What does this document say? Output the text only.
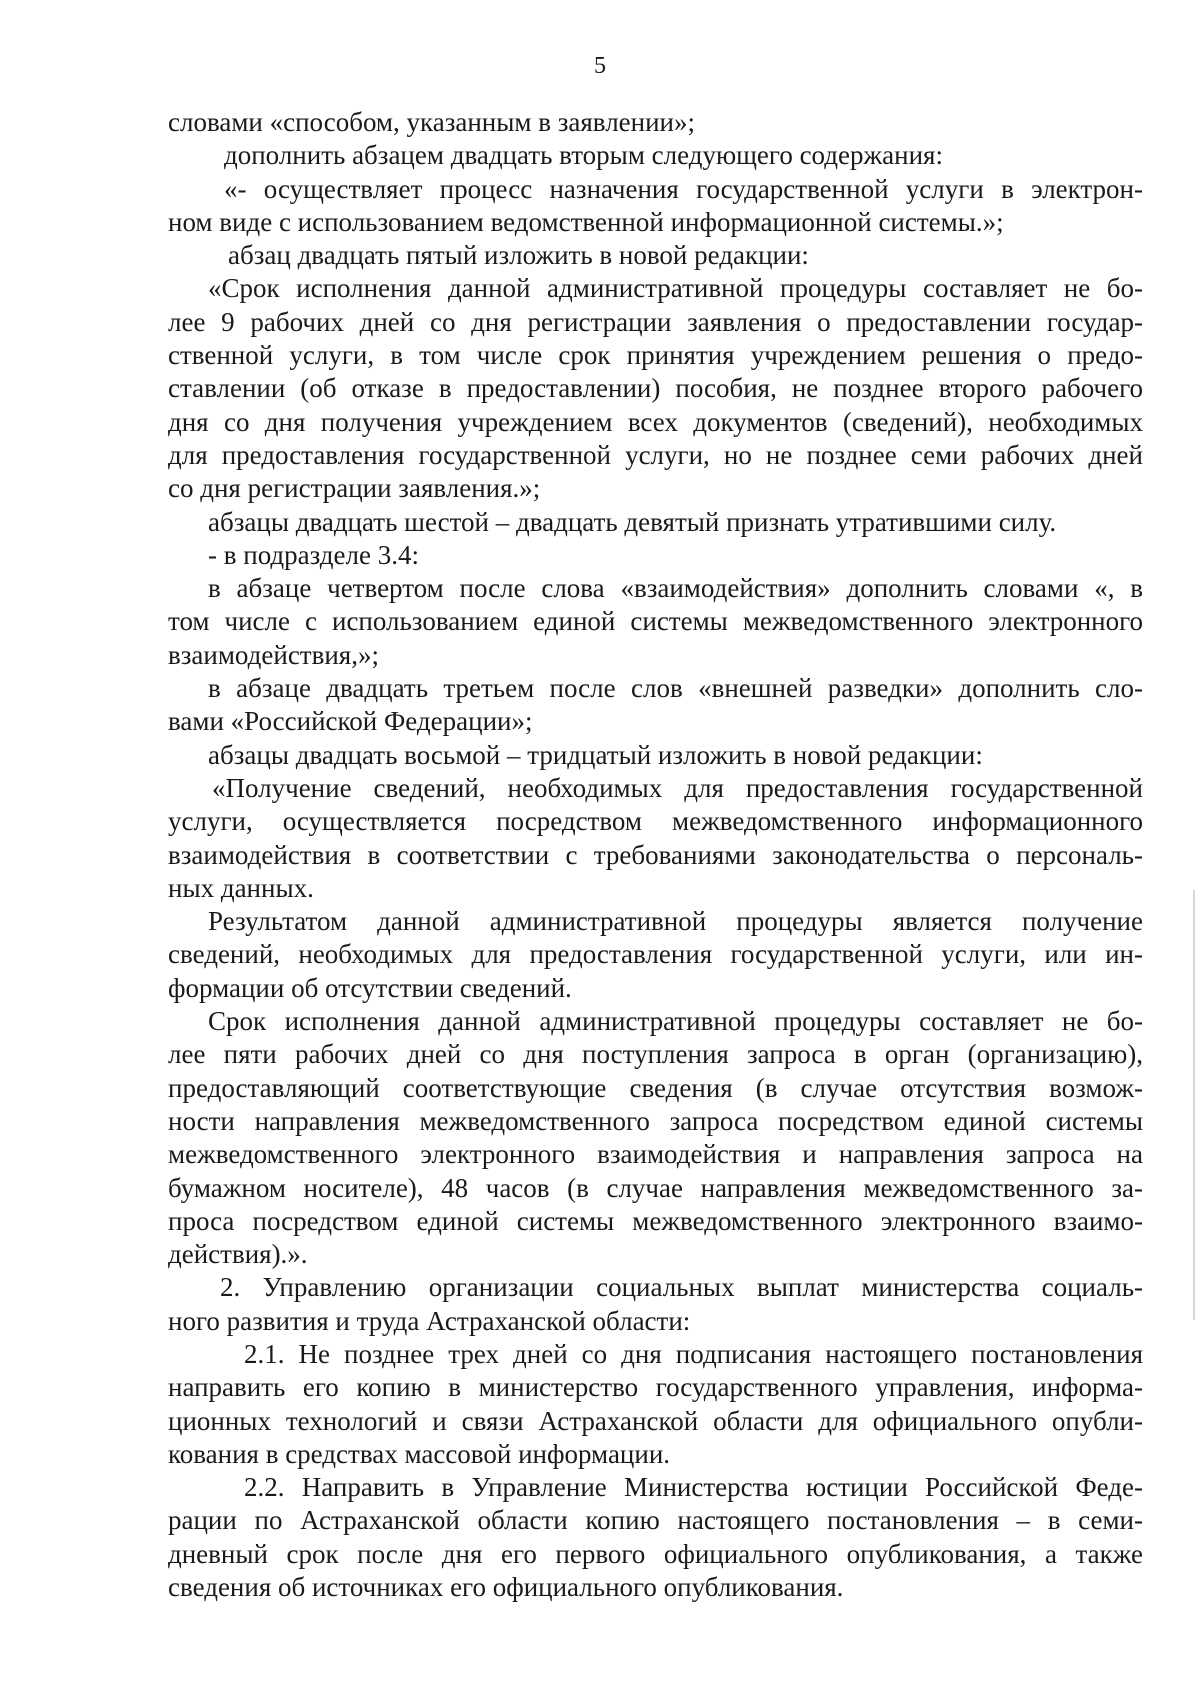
5
словами «способом, указанным в заявлении»;
дополнить абзацем двадцать вторым следующего содержания:
«- осуществляет процесс назначения государственной услуги в электрон-
ном виде с использованием ведомственной информационной системы.»;
абзац двадцать пятый изложить в новой редакции:
«Срок исполнения данной административной процедуры составляет не бо-
лее 9 рабочих дней со дня регистрации заявления о предоставлении государ-
ственной услуги, в том числе срок принятия учреждением решения о предо-
ставлении (об отказе в предоставлении) пособия, не позднее второго рабочего
дня со дня получения учреждением всех документов (сведений), необходимых
для предоставления государственной услуги, но не позднее семи рабочих дней
со дня регистрации заявления.»;
абзацы двадцать шестой – двадцать девятый признать утратившими силу.
- в подразделе 3.4:
в абзаце четвертом после слова «взаимодействия» дополнить словами «, в
том числе с использованием единой системы межведомственного электронного
взаимодействия,»;
в абзаце двадцать третьем после слов «внешней разведки» дополнить сло-
вами «Российской Федерации»;
абзацы двадцать восьмой – тридцатый изложить в новой редакции:
«Получение сведений, необходимых для предоставления государственной
услуги, осуществляется посредством межведомственного информационного
взаимодействия в соответствии с требованиями законодательства о персональ-
ных данных.
Результатом данной административной процедуры является получение
сведений, необходимых для предоставления государственной услуги, или ин-
формации об отсутствии сведений.
Срок исполнения данной административной процедуры составляет не бо-
лее пяти рабочих дней со дня поступления запроса в орган (организацию),
предоставляющий соответствующие сведения (в случае отсутствия возмож-
ности направления межведомственного запроса посредством единой системы
межведомственного электронного взаимодействия и направления запроса на
бумажном носителе), 48 часов (в случае направления межведомственного за-
проса посредством единой системы межведомственного электронного взаимо-
действия).».
2. Управлению организации социальных выплат министерства социаль-
ного развития и труда Астраханской области:
2.1. Не позднее трех дней со дня подписания настоящего постановления
направить его копию в министерство государственного управления, информа-
ционных технологий и связи Астраханской области для официального опубли-
кования в средствах массовой информации.
2.2. Направить в Управление Министерства юстиции Российской Феде-
рации по Астраханской области копию настоящего постановления – в семи-
дневный срок после дня его первого официального опубликования, а также
сведения об источниках его официального опубликования.
